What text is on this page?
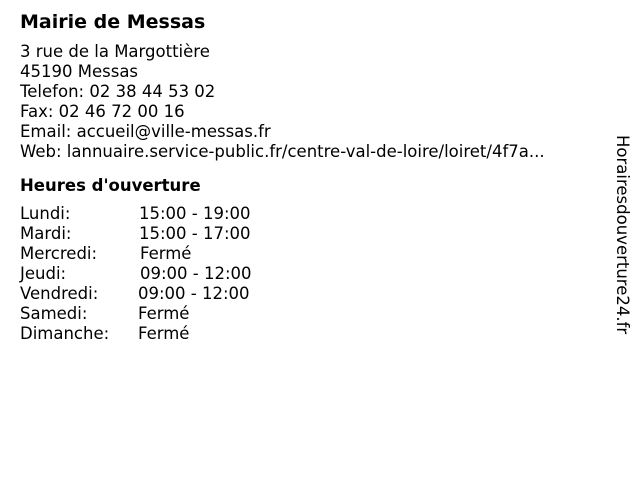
Mairie de Messas
3 rue de la Margottière
45190 Messas
Telefon: 02 38 44 53 02
Fax: 02 46 72 00 16
Email: accueil@ville-messas.fr
Web: lannuaire.service-public.fr/centre-val-de-loire/loiret/4f7a...
Heures d'ouverture
Lundi:	15:00 - 19:00
Mardi:	15:00 - 17:00
Mercredi:	Fermé
Jeudi:	09:00 - 12:00
Vendredi: 09:00 - 12:00
Samedi:	Fermé
Dimanche: Fermé	Horairesdouverture24.fr
